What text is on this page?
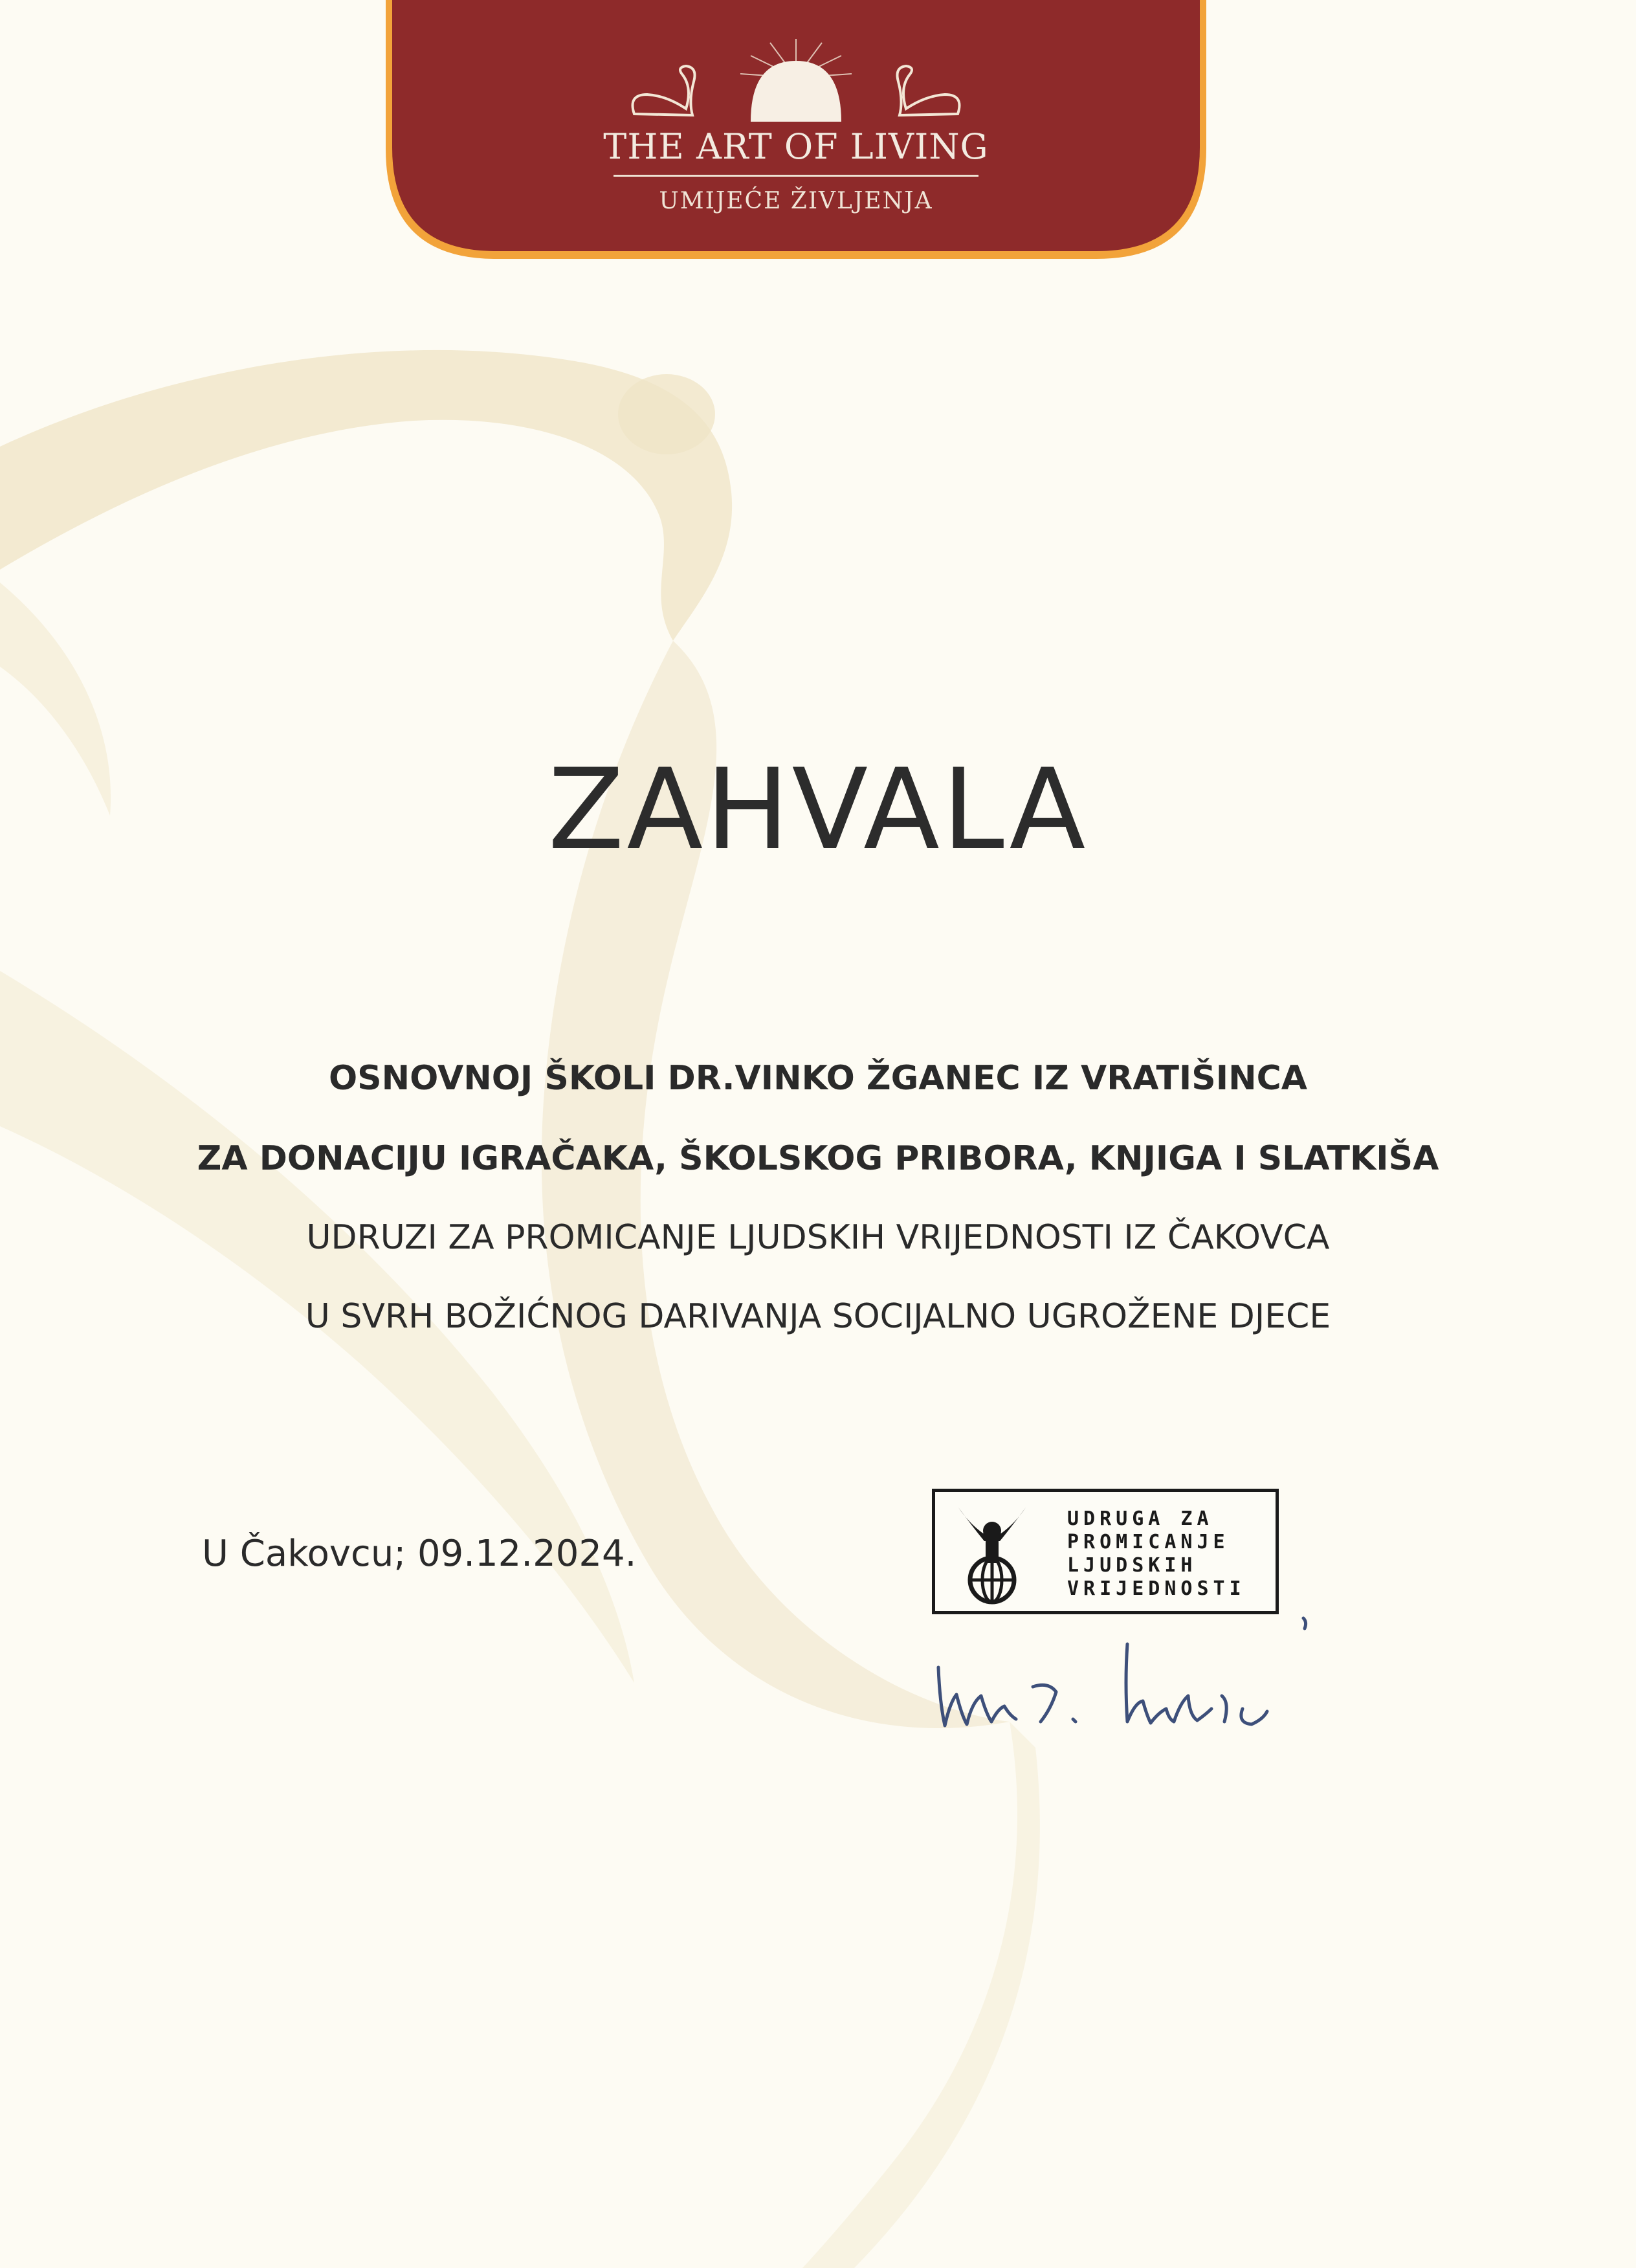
THE ART OF LIVING
UMIJEĆE ŽIVLJENJA
ZAHVALA
OSNOVNOJ ŠKOLI DR.VINKO ŽGANEC IZ VRATIŠINCA
ZA DONACIJU IGRAČAKA, ŠKOLSKOG PRIBORA, KNJIGA I SLATKIŠA
UDRUZI ZA PROMICANJE LJUDSKIH VRIJEDNOSTI IZ ČAKOVCA
U SVRH BOŽIĆNOG DARIVANJA SOCIJALNO UGROŽENE DJECE
U Čakovcu; 09.12.2024.
UDRUGA ZA
PROMICANJE
LJUDSKIH
VRIJEDNOSTI
